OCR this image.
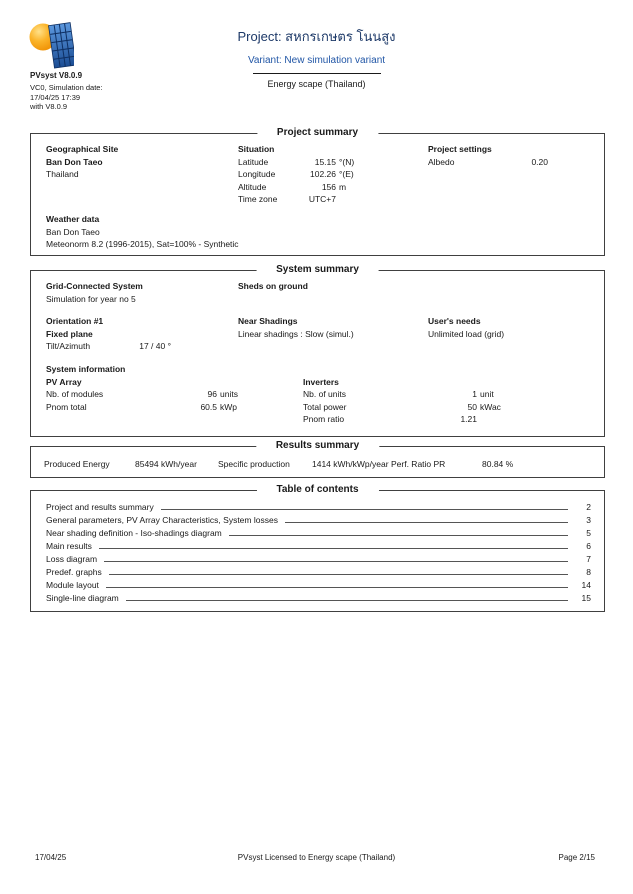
PVsyst V8.0.9
VC0, Simulation date:
17/04/25 17:39
with V8.0.9
Project: สหกรเกษตร โนนสูง
Variant: New simulation variant
Energy scape (Thailand)
Project summary
Geographical Site	Situation	Project settings
Ban Don Taeo	Latitude	15.15 °(N)	Albedo	0.20
Thailand	Longitude	102.26 °(E)
Altitude	156 m
Time zone	UTC+7
Weather data
Ban Don Taeo
Meteonorm 8.2 (1996-2015), Sat=100% - Synthetic
System summary
Grid-Connected System	Sheds on ground
Simulation for year no 5
Orientation #1	Near Shadings	User's needs
Fixed plane	Linear shadings : Slow (simul.)	Unlimited load (grid)
Tilt/Azimuth	17 / 40 °
System information
PV Array	Inverters
Nb. of modules	96 units	Nb. of units	1 unit
Pnom total	60.5 kWp	Total power	50 kWac
Pnom ratio	1.21
Results summary
Produced Energy	85494 kWh/year	Specific production	1414 kWh/kWp/year Perf. Ratio PR	80.84 %
Table of contents
Project and results summary	2
General parameters, PV Array Characteristics, System losses	3
Near shading definition - Iso-shadings diagram	5
Main results	6
Loss diagram	7
Predef. graphs	8
Module layout	14
Single-line diagram	15
17/04/25	PVsyst Licensed to Energy scape (Thailand)	Page 2/15
